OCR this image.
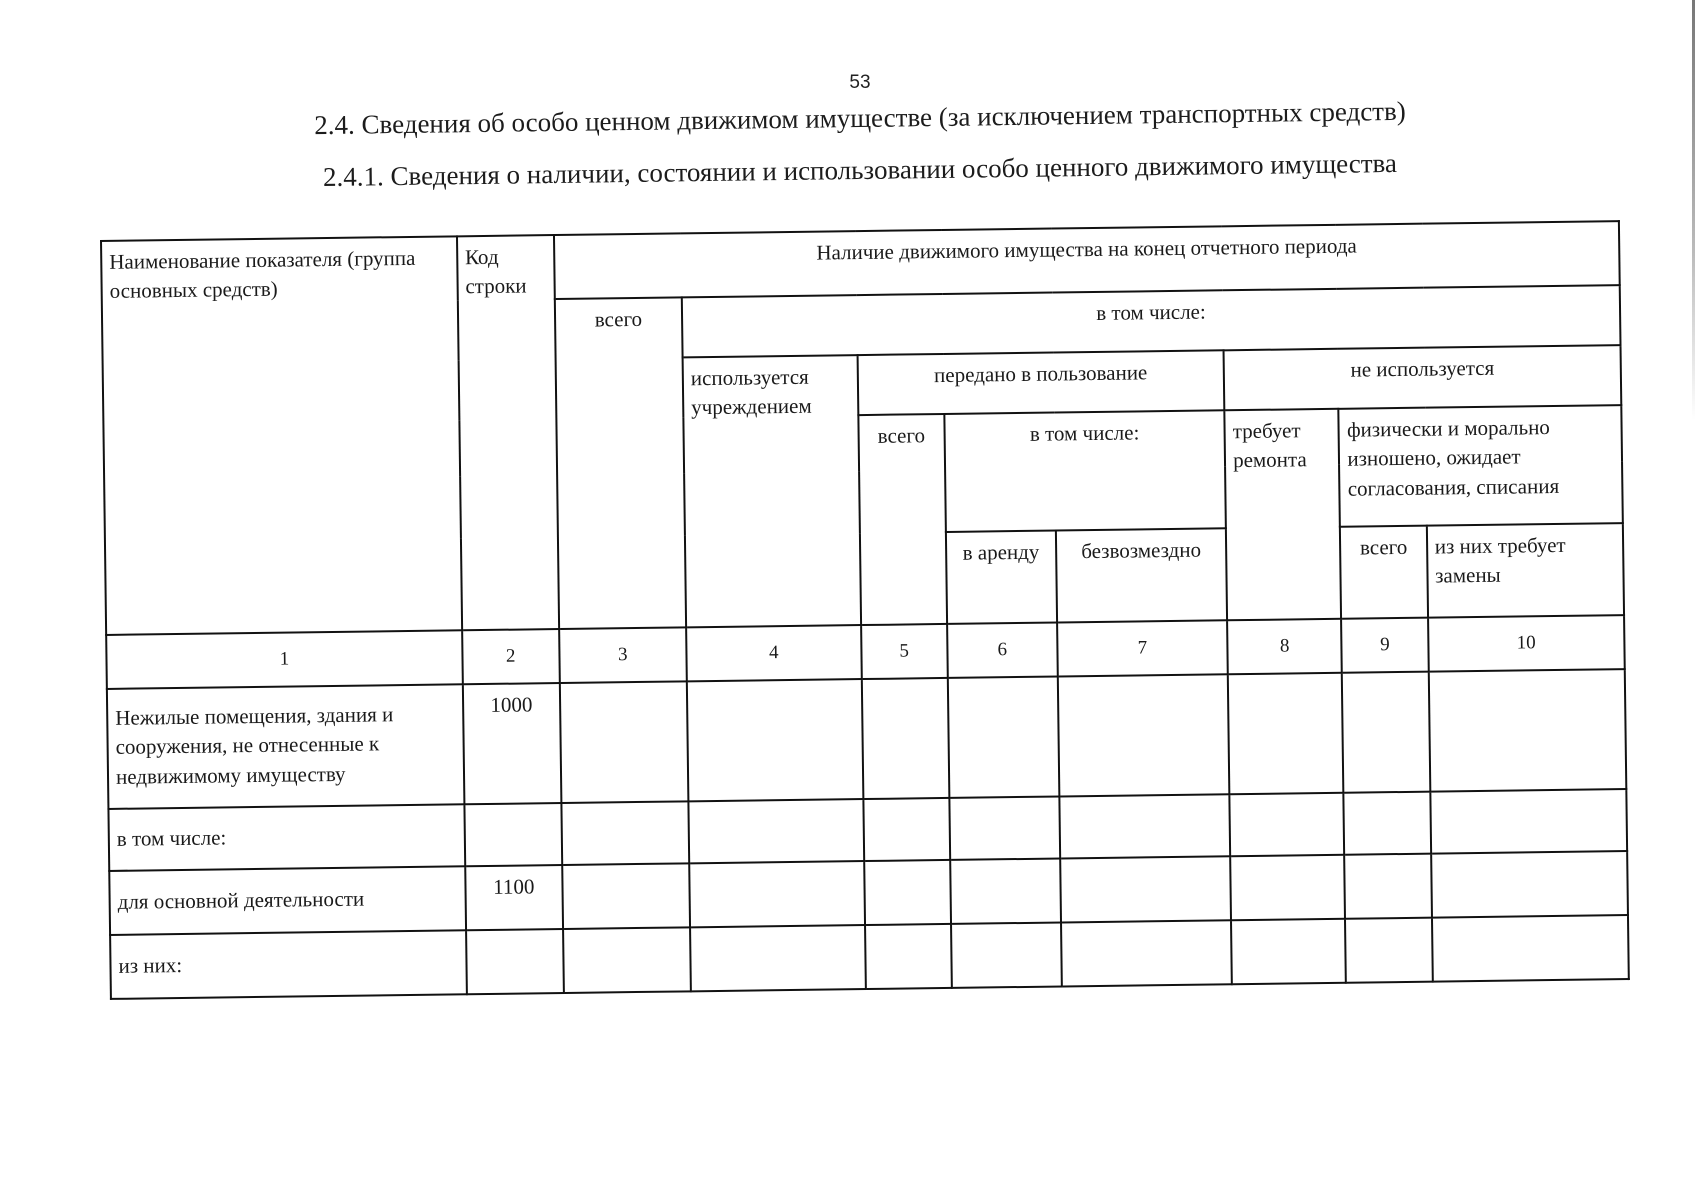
53
2.4. Сведения об особо ценном движимом имуществе (за исключением транспортных средств)
2.4.1. Сведения о наличии, состоянии и использовании особо ценного движимого имущества
Наименование показателя (группа основных средств)	Код строки	Наличие движимого имущества на конец отчетного периода							
		всего	в том числе:						
			используется учреждением	передано в пользование			не используется		
				всего	в том числе:		требует ремонта	физически и морально изношено, ожидает согласования, списания	

					в аренду	безвозмездно		всего	из них требует замены
1	2	3	4	5	6	7	8	9	10
Нежилые помещения, здания и сооружения, не отнесенные к недвижимому имуществу	1000								
в том числе:									
для основной деятельности	1100								
из них:									
